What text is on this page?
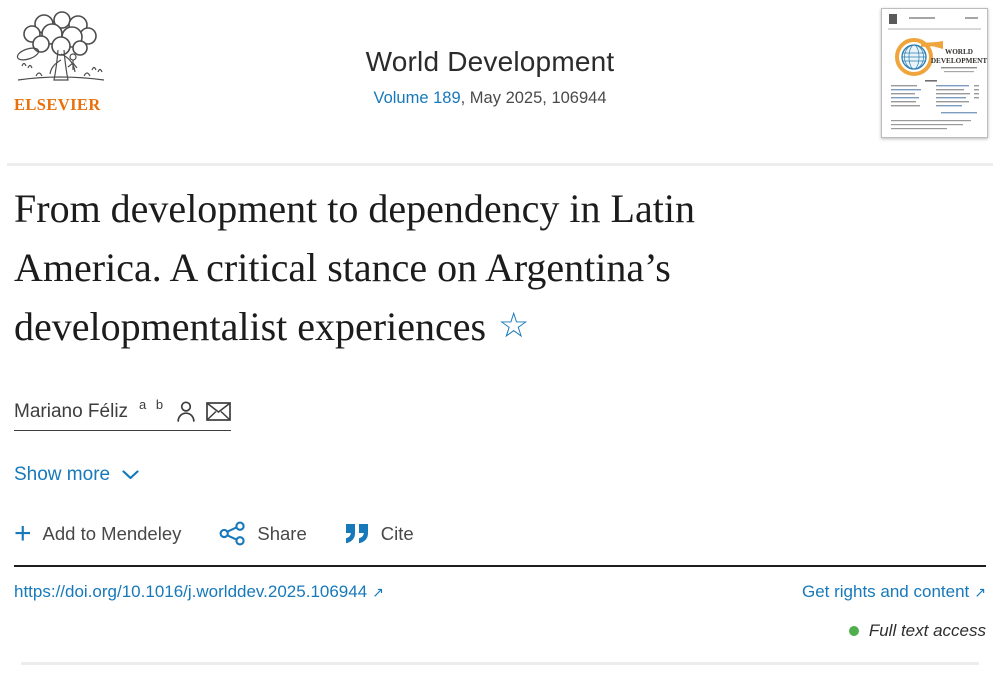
ELSEVIER
World Development
Volume 189, May 2025, 106944
WORLD
DEVELOPMENT
From development to dependency in Latin
America. A critical stance on Argentina’s
developmentalist experiences ☆
Mariano Féliz a b
Show more
+ Add to Mendeley	Share	Cite
https://doi.org/10.1016/j.worlddev.2025.106944 ↗	Get rights and content ↗
Full text access
